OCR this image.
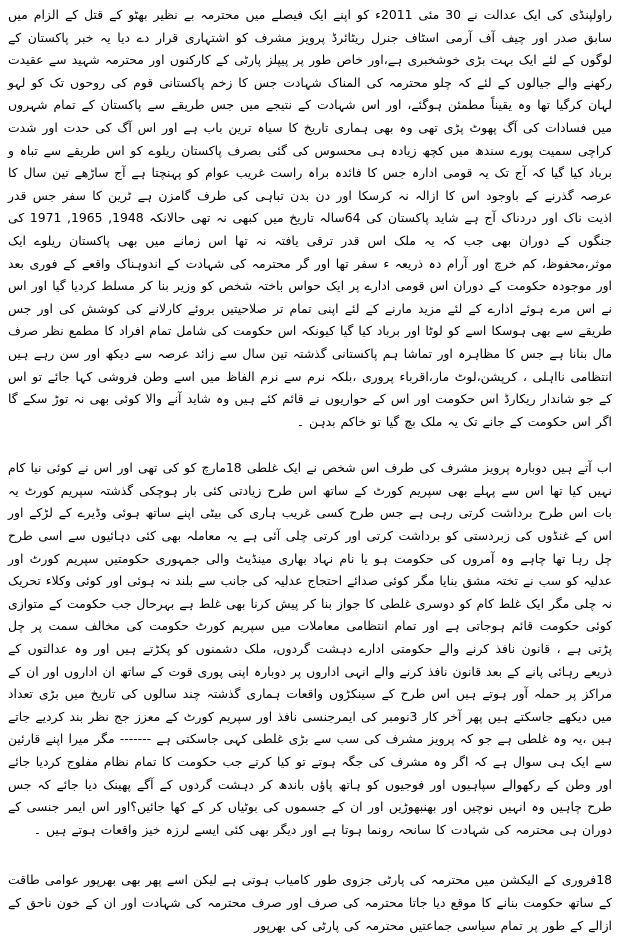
راولپنڈی کی ایک عدالت نے 30 مئی 2011ء کو اپنے ایک فیصلے میں محترمہ بے نظیر بھٹو کے قتل کے الزام میں سابق صدر اور چیف آف آرمی اسٹاف جنرل ریٹائرڈ پرویز مشرف کو اشتہاری قرار دے دیا یہ خبر پاکستان کے لوگوں کے لئے ایک بہت بڑی خوشخبری ہے،اور خاص طور پر پیپلز پارٹی کے کارکنوں اور محترمہ شہید سے عقیدت رکھنے والے جیالوں کے لئے کہ چلو محترمہ کی المناک شہادت جس کا زخم پاکستانی قوم کی روحوں تک کو لہو لہان کرگیا تھا وہ یقیناً مطمئن ہوگئے، اور اس شہادت کے نتیجے میں جس طریقے سے پاکستان کے تمام شہروں میں فسادات کی آگ پھوٹ پڑی تھی وہ بھی ہماری تاریخ کا سیاہ ترین باب ہے اور اس آگ کی حدت اور شدت کراچی سمیت پورے سندھ میں کچھ زیادہ ہی محسوس کی گئی بصرف پاکستان ریلوے کو اس طریقے سے تباہ و برباد کیا گیا کہ آج تک یہ قومی ادارہ جس کا فائدہ براہ راست غریب عوام کو پہنچتا ہے آج ساڑھے تین سال کا عرصہ گذرنے کے باوجود اس کا ازالہ نہ کرسکا اور دن بدن تباہی کی طرف گامزن ہے ٹرین کا سفر جس قدر اذیت ناک اور دردناک آج ہے شاید پاکستان کی 64سالہ تاریخ میں کبھی نہ تھی حالانکہ 1948, 1965, 1971 کی جنگوں کے دوران بھی جب کہ یہ ملک اس قدر ترقی یافتہ نہ تھا اس زمانے میں بھی پاکستان ریلوے ایک موثر،محفوظ، کم خرچ اور آرام دہ ذریعہ ء سفر تھا اور گر محترمہ کی شہادت کے اندوہناک واقعے کے فوری بعد اور موجودہ حکومت کے دوران اس قومی ادارے پر ایک حواس باختہ شخص کو وزیر بنا کر مسلط کردیا گیا اور اس نے اس مرے ہوئے ادارے کے لئے مزید مارنے کے لئے اپنی تمام تر صلاحیتیں بروئے کارلانے کی کوشش کی اور جس طریقے سے بھی ہوسکا اسے کو لوٹا اور برباد کیا گیا کیونکہ اس حکومت کی شامل تمام افراد کا مطمع نظر صرف مال بنانا ہے جس کا مظاہرہ اور تماشا ہم پاکستانی گذشتہ تین سال سے زائد عرصہ سے دیکھ اور سن رہے ہیں انتظامی نااہلی ، کرپشن،لوٹ مار،اقرباء پروری ،بلکہ نرم سے نرم الفاظ میں اسے وطن فروشی کہا جائے تو اس کے جو شاندار ریکارڈ اس حکومت اور اس کے حواریوں نے قائم کئے ہیں وہ شاید آنے والا کوئی بھی نہ توڑ سکے گا اگر اس حکومت کے جانے تک یہ ملک بچ گیا تو خاکم بدہن ۔

اب آتے ہیں دوبارہ پرویز مشرف کی طرف اس شخص نے ایک غلطی 18مارچ کو کی تھی اور اس نے کوئی نیا کام نہیں کیا تھا اس سے پہلے بھی سپریم کورٹ کے ساتھ اس طرح زیادتی کئی بار ہوچکی گذشتہ سپریم کورٹ یہ بات اس طرح برداشت کرتی رہی ہے جس طرح کسی غریب ہاری کی بیٹی اپنے ساتھ ہوئی وڈیرے کے لڑکے اور اس کے غنڈوں کی زبردستی کو برداشت کرتی اور کرتی چلی آئی ہے یہ معاملہ بھی کئی دہائیوں سے اسی طرح چل رہا تھا چاہے وہ آمروں کی حکومت ہو یا نام نہاد بھاری مینڈیٹ والی جمہوری حکومتیں سپریم کورٹ اور عدلیہ کو سب نے تختہ مشق بنایا مگر کوئی صدائے احتجاج عدلیہ کی جانب سے بلند نہ ہوئی اور کوئی وکلاء تحریک نہ چلی مگر ایک غلط کام کو دوسری غلطی کا جواز بنا کر پیش کرنا بھی غلط ہے بہرحال جب حکومت کے متوازی کوئی حکومت قائم ہوجاتی ہے اور تمام انتظامی معاملات میں سپریم کورٹ حکومت کی مخالف سمت پر چل پڑتی ہے ، قانون نافذ کرنے والے حکومتی ادارے دہشت گردوں، ملک دشمنوں کو پکڑتے ہیں اور وہ عدالتوں کے ذریعے رہائی پانے کے بعد قانون نافذ کرنے والے انہی اداروں پر دوبارہ اپنی پوری قوت کے ساتھ ان اداروں اور ان کے مراکز پر حملہ آور ہوتے ہیں اس طرح کے سینکڑوں واقعات ہماری گذشتہ چند سالوں کی تاریخ میں بڑی تعداد میں دیکھے جاسکتے ہیں پھر آخر کار 3نومبر کی ایمرجنسی نافذ اور سپریم کورٹ کے معزز جج نظر بند کردیے جاتے ہیں ،یہ وہ غلطی ہے جو کہ پرویز مشرف کی سب سے بڑی غلطی کہی جاسکتی ہے ------- مگر میرا اپنے قارئین سے ایک ہی سوال ہے کہ اگر وہ مشرف کی جگہ ہوتے تو کیا کرتے جب حکومت کا تمام نظام مفلوج کردیا جائے اور وطن کے رکھوالے سپاہیوں اور فوجیوں کو ہاتھ پاؤں باندھ کر دہشت گردوں کے آگے پھینک دیا جائے کہ جس طرح چاہیں وہ انہیں نوچیں اور بھنبھوڑیں اور ان کے جسموں کی بوٹیاں کر کے کھا جائیں؟اور اس ایمر جنسی کے دوران ہی محترمہ کی شہادت کا سانحہ رونما ہوتا ہے اور دیگر بھی کئی ایسے لرزہ خیز واقعات ہوتے ہیں ۔

18فروری کے الیکشن میں محترمہ کی پارٹی جزوی طور کامیاب ہوتی ہے لیکن اسے پھر بھی بھرپور عوامی طاقت کے ساتھ حکومت بنانے کا موقع دیا جاتا محترمہ کی صرف اور صرف محترمہ کی شہادت اور ان کے خون ناحق کے ازالے کے طور پر تمام سیاسی جماعتیں محترمہ کی پارٹی کی بھرپور
